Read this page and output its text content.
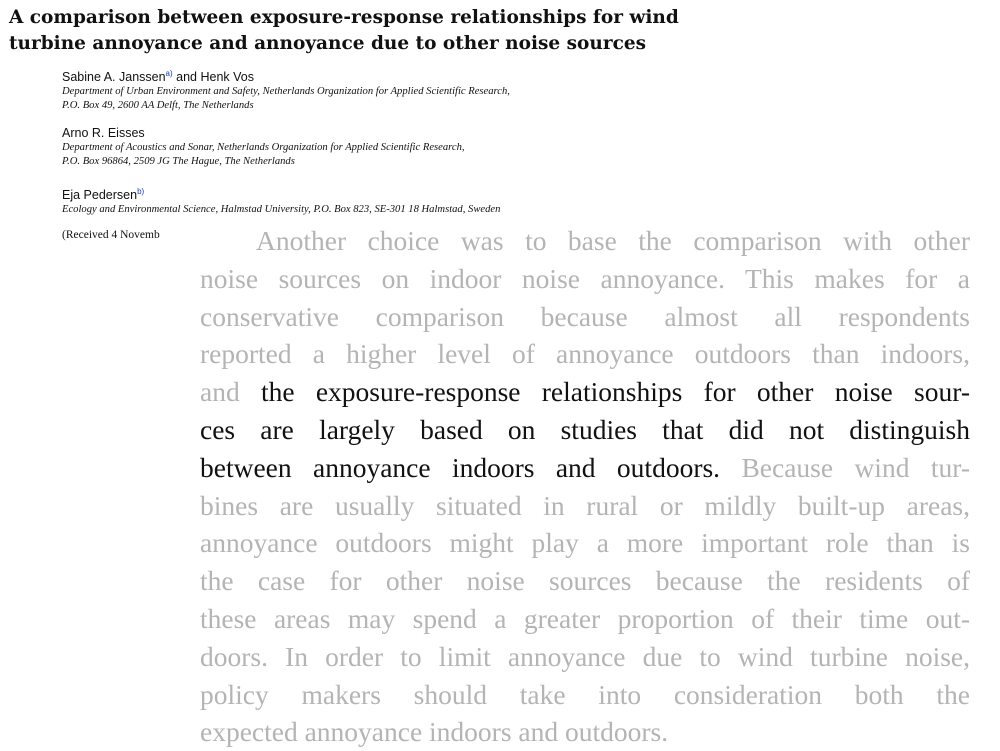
A comparison between exposure-response relationships for wind
turbine annoyance and annoyance due to other noise sources
Sabine A. Janssen$^{a)}$ and Henk Vos
Department of Urban Environment and Safety, Netherlands Organization for Applied Scientific Research,
P.O. Box 49, 2600 AA Delft, The Netherlands
Arno R. Eisses
Department of Acoustics and Sonar, Netherlands Organization for Applied Scientific Research,
P.O. Box 96864, 2509 JG The Hague, The Netherlands
Eja Pedersen$^{b)}$
Ecology and Environmental Science, Halmstad University, P.O. Box 823, SE-301 18 Halmstad, Sweden
(Received 4 Novemb	Another choice was to base the comparison with other
noise sources on indoor noise annoyance. This makes for a
conservative comparison because almost all respondents
reported a higher level of annoyance outdoors than indoors,
and the exposure-response relationships for other noise sour-
ces are largely based on studies that did not distinguish
between annoyance indoors and outdoors. Because wind tur-
bines are usually situated in rural or mildly built-up areas,
annoyance outdoors might play a more important role than is
the case for other noise sources because the residents of
these areas may spend a greater proportion of their time out-
doors. In order to limit annoyance due to wind turbine noise,
policy makers should take into consideration both the
expected annoyance indoors and outdoors.
